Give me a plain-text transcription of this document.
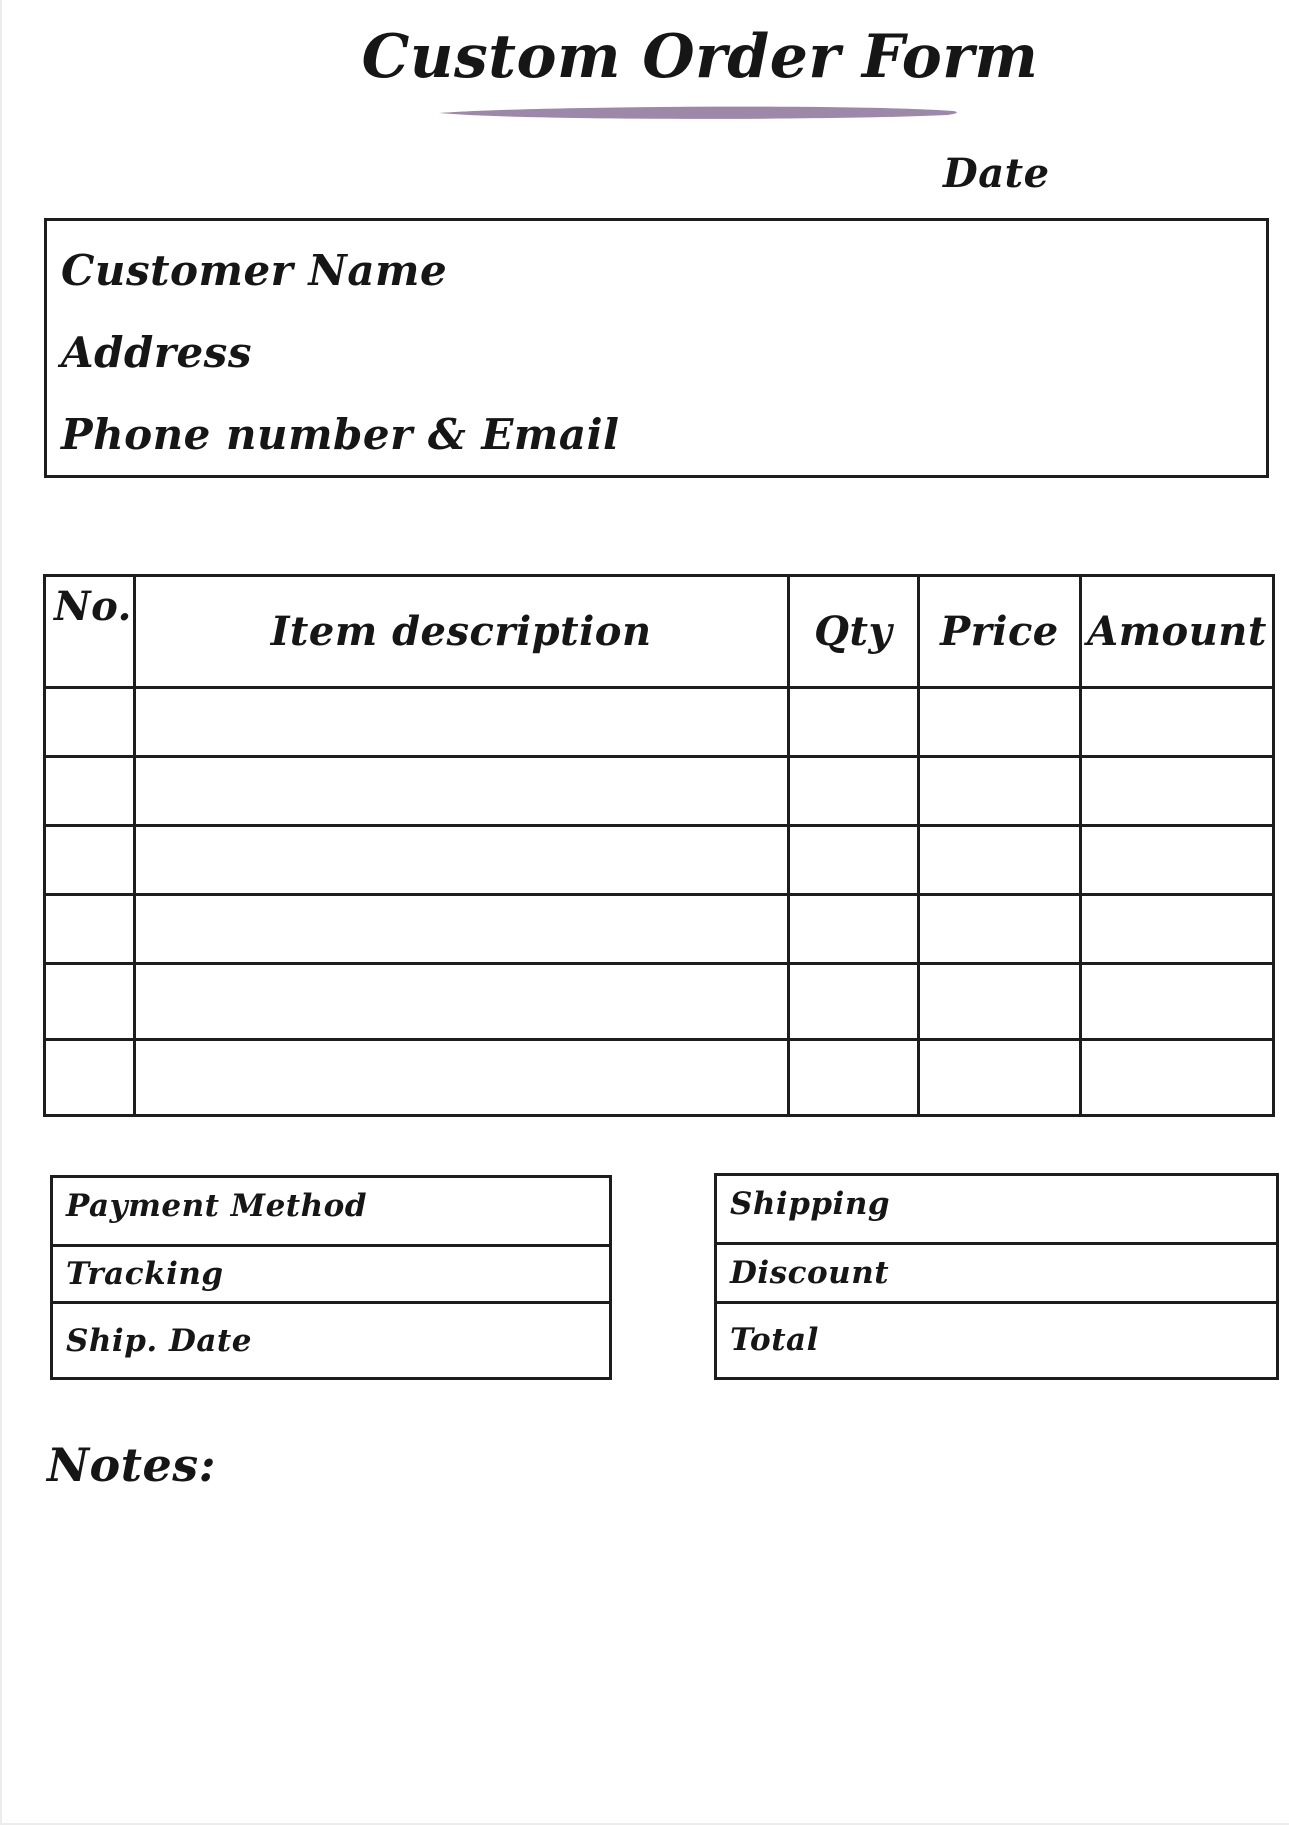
Custom Order Form
Date
Customer Name
Address
Phone number & Email
No.	Item description	Qty	Price	Amount

Payment Method
Tracking
Ship. Date
Shipping
Discount
Total
Notes:
